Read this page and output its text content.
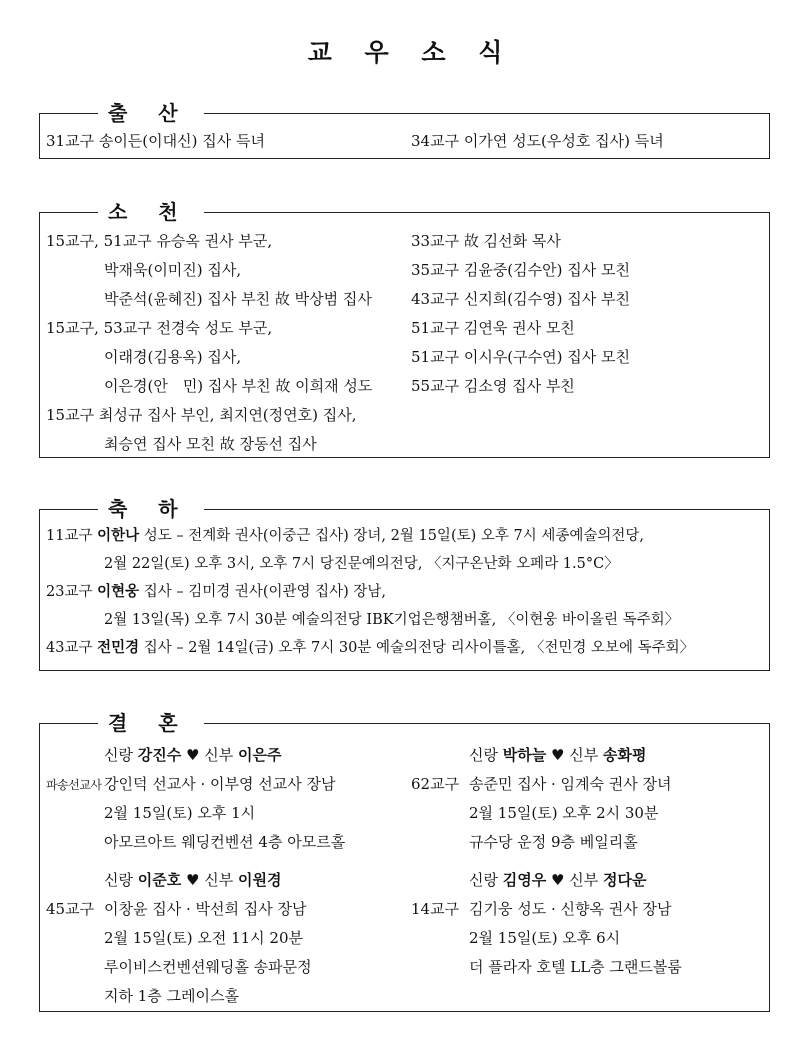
교 우 소 식
출 산
31교구 송이든(이대신) 집사 득녀	34교구 이가연 성도(우성호 집사) 득녀
소 천
15교구, 51교구 유승옥 권사 부군,
박재욱(이미진) 집사,
박준석(윤혜진) 집사 부친 故 박상범 집사
15교구, 53교구 전경숙 성도 부군,
이래경(김용옥) 집사,
이은경(안　민) 집사 부친 故 이희재 성도
15교구 최성규 집사 부인, 최지연(정연호) 집사,
최승연 집사 모친 故 장동선 집사
33교구 故 김선화 목사
35교구 김윤중(김수안) 집사 모친
43교구 신지희(김수영) 집사 부친
51교구 김연욱 권사 모친
51교구 이시우(구수연) 집사 모친
55교구 김소영 집사 부친
축 하
11교구 이한나 성도 – 전계화 권사(이중근 집사) 장녀, 2월 15일(토) 오후 7시 세종예술의전당,
2월 22일(토) 오후 3시, 오후 7시 당진문예의전당, 〈지구온난화 오페라 1.5°C〉
23교구 이현웅 집사 – 김미경 권사(이관영 집사) 장남,
2월 13일(목) 오후 7시 30분 예술의전당 IBK기업은행챔버홀, 〈이현웅 바이올린 독주회〉
43교구 전민경 집사 – 2월 14일(금) 오후 7시 30분 예술의전당 리사이틀홀, 〈전민경 오보에 독주회〉
결 혼
신랑 강진수 ♥ 신부 이은주
파송선교사 강인덕 선교사 · 이부영 선교사 장남
2월 15일(토) 오후 1시
아모르아트 웨딩컨벤션 4층 아모르홀
신랑 박하늘 ♥ 신부 송화평
62교구 송준민 집사 · 임계숙 권사 장녀
2월 15일(토) 오후 2시 30분
규수당 운정 9층 베일리홀
신랑 이준호 ♥ 신부 이원경
45교구 이창윤 집사 · 박선희 집사 장남
2월 15일(토) 오전 11시 20분
루이비스컨벤션웨딩홀 송파문정
지하 1층 그레이스홀
신랑 김영우 ♥ 신부 정다운
14교구 김기웅 성도 · 신향옥 권사 장남
2월 15일(토) 오후 6시
더 플라자 호텔 LL층 그랜드볼룸
